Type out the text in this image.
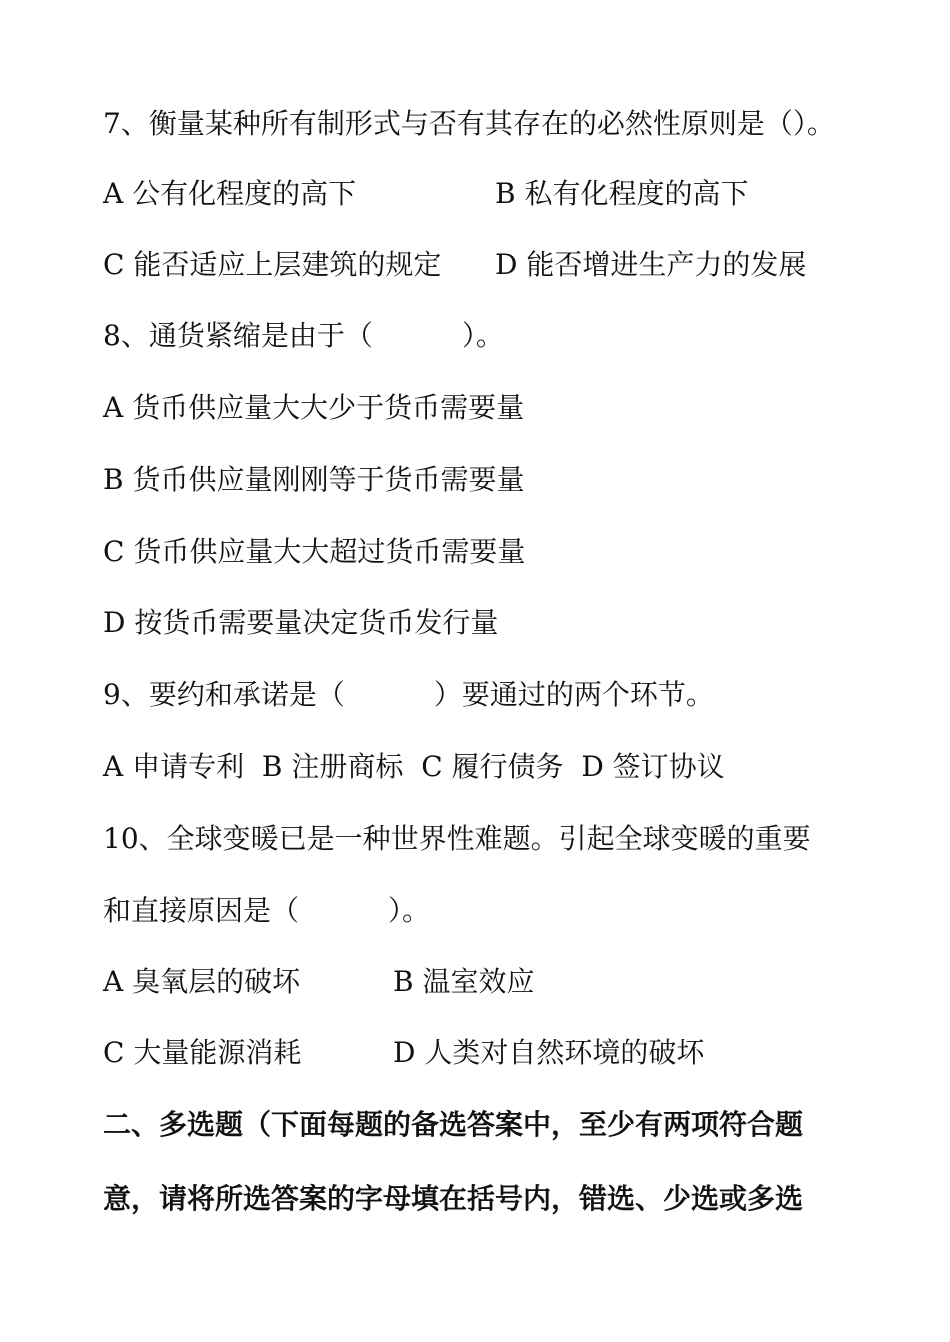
7、衡量某种所有制形式与否有其存在的必然性原则是（）。
A 公有化程度的高下	B 私有化程度的高下
C 能否适应上层建筑的规定 D 能否增进生产力的发展
8、通货紧缩是由于（          ）。
A 货币供应量大大少于货币需要量
B 货币供应量刚刚等于货币需要量
C 货币供应量大大超过货币需要量
D 按货币需要量决定货币发行量
9、要约和承诺是（          ）要通过的两个环节。
A 申请专利  B 注册商标  C 履行债务  D 签订协议
10、全球变暖已是一种世界性难题。引起全球变暖的重要
和直接原因是（          ）。
A 臭氧层的破坏	B 温室效应
C 大量能源消耗	D 人类对自然环境的破坏
二、多选题（下面每题的备选答案中，至少有两项符合题
意，请将所选答案的字母填在括号内，错选、少选或多选
